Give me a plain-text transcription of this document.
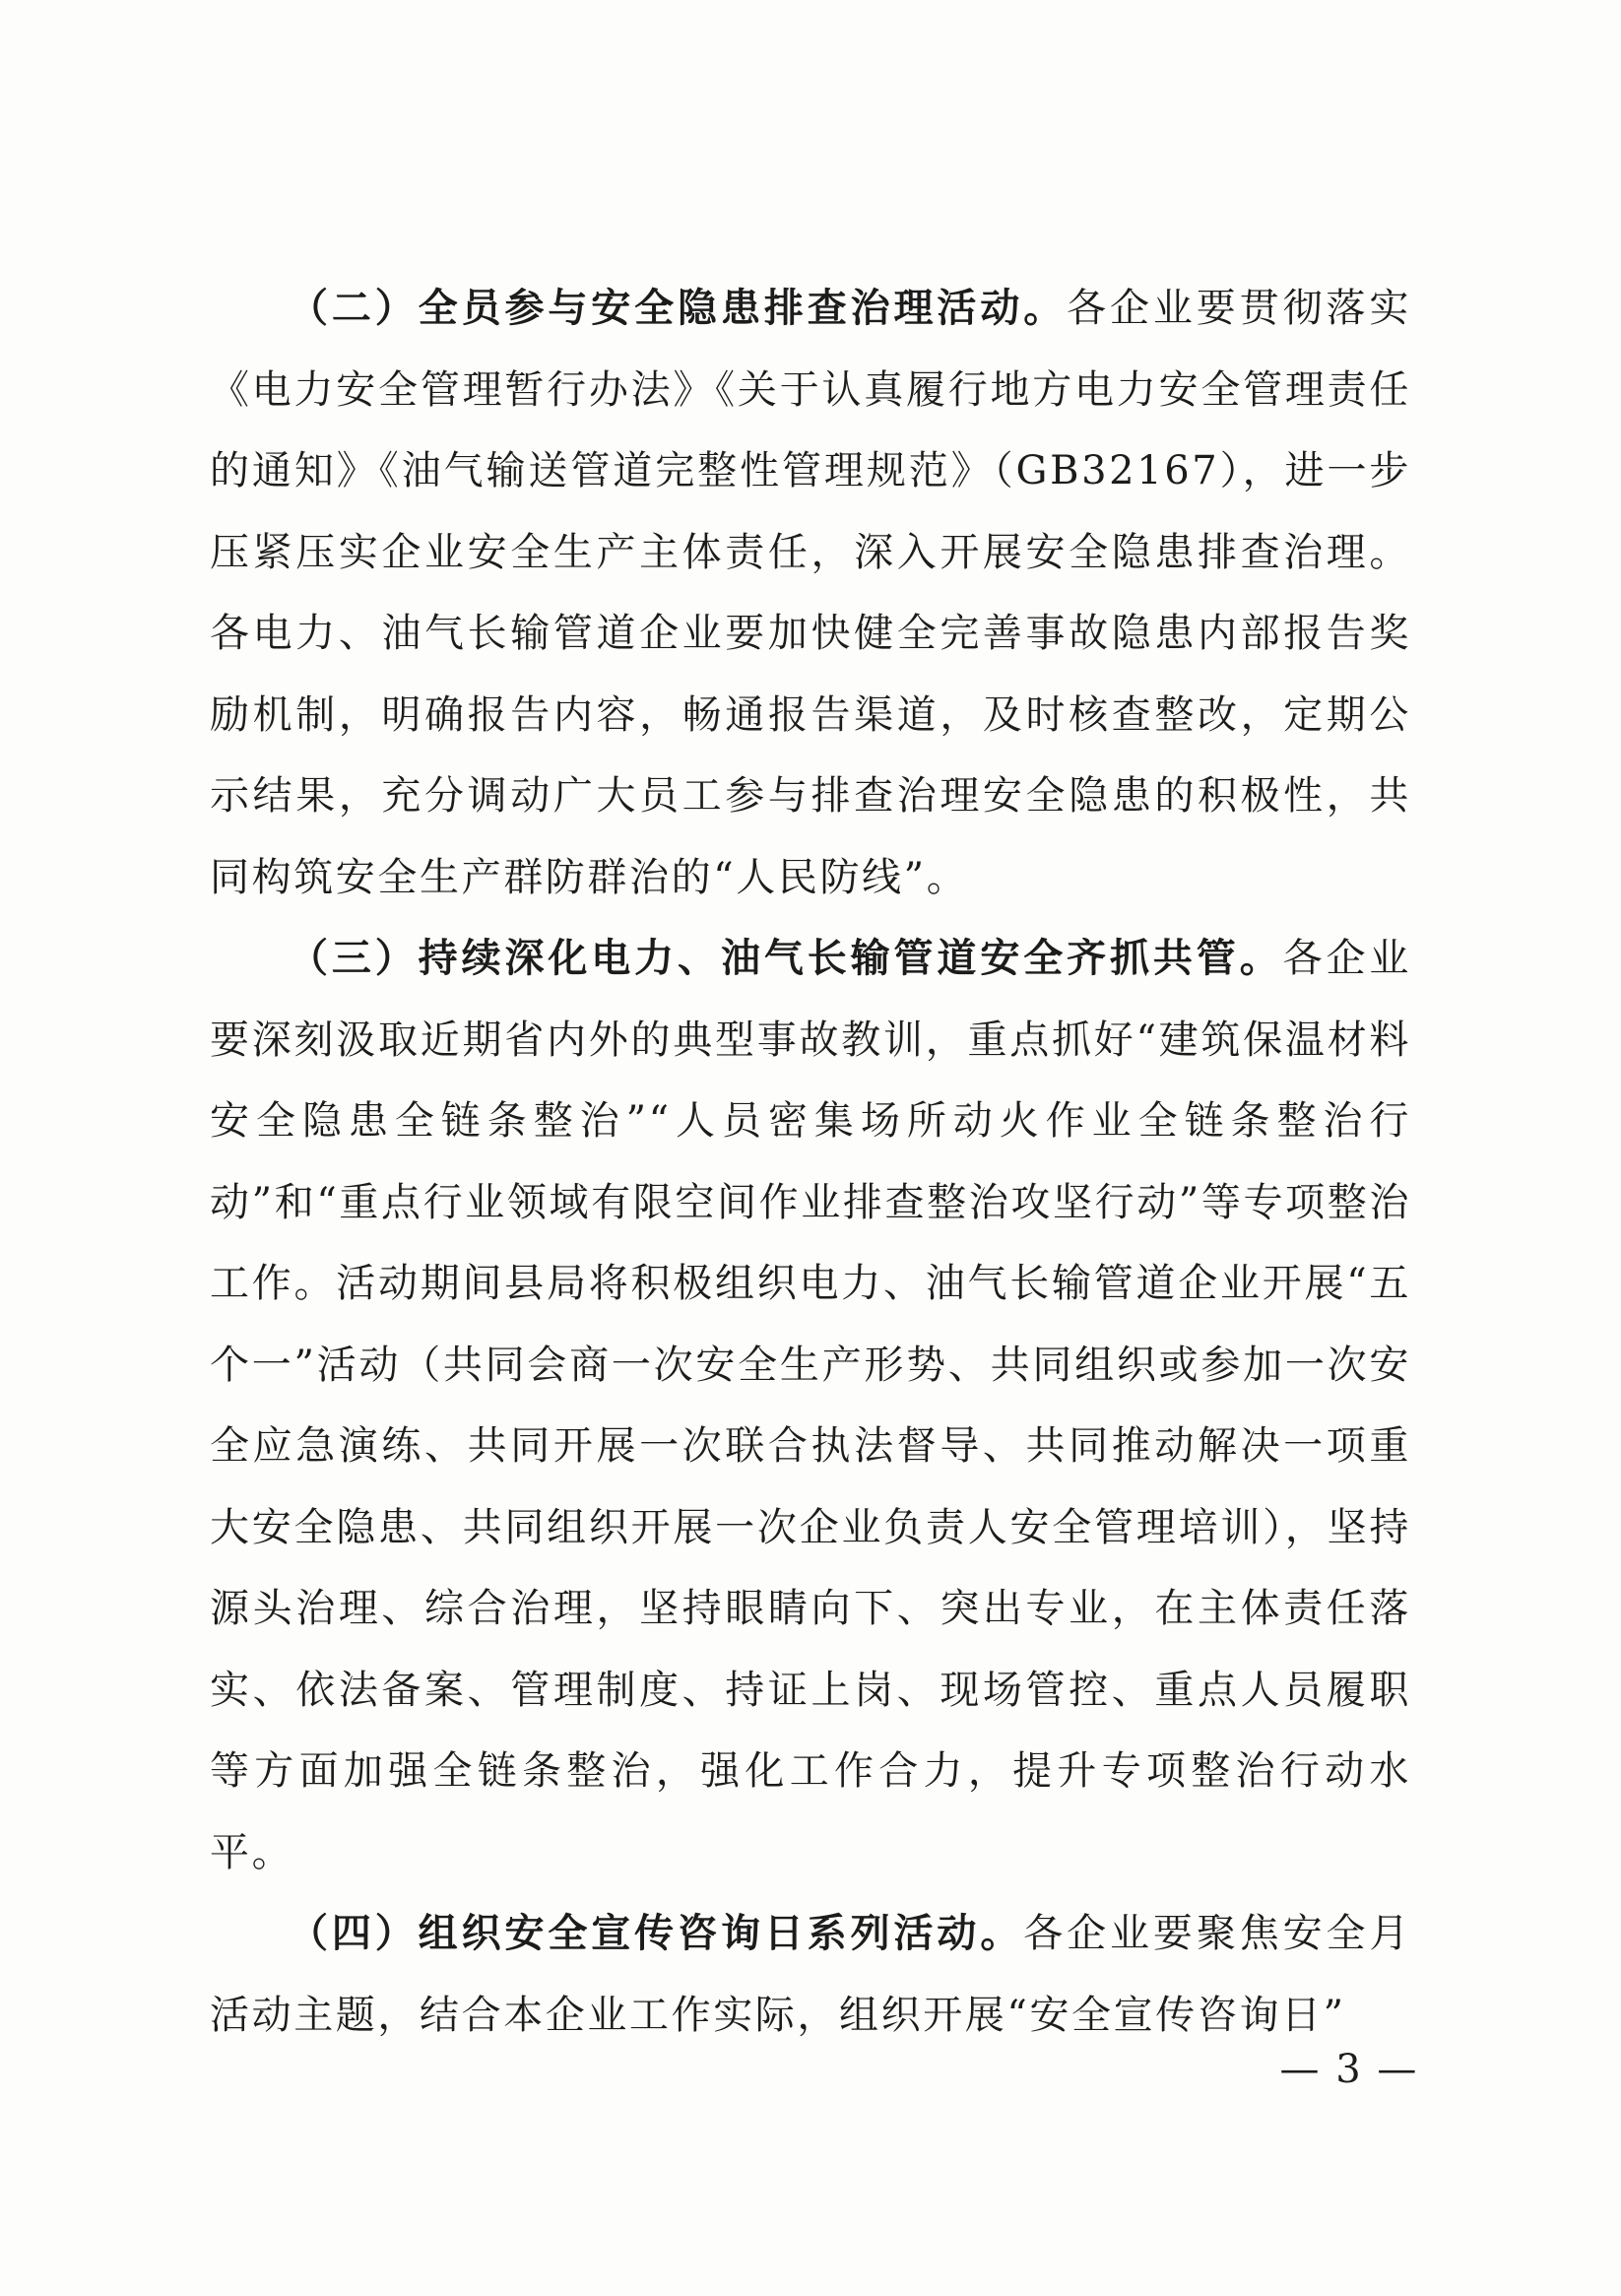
（二）全员参与安全隐患排查治理活动。各企业要贯彻落实《电力安全管理暂行办法》《关于认真履行地方电力安全管理责任的通知》《油气输送管道完整性管理规范》（GB32167），进一步压紧压实企业安全生产主体责任，深入开展安全隐患排查治理。各电力、油气长输管道企业要加快健全完善事故隐患内部报告奖励机制，明确报告内容，畅通报告渠道，及时核查整改，定期公示结果，充分调动广大员工参与排查治理安全隐患的积极性，共同构筑安全生产群防群治的“人民防线”。

（三）持续深化电力、油气长输管道安全齐抓共管。各企业要深刻汲取近期省内外的典型事故教训，重点抓好“建筑保温材料安全隐患全链条整治”“人员密集场所动火作业全链条整治行动”和“重点行业领域有限空间作业排查整治攻坚行动”等专项整治工作。活动期间县局将积极组织电力、油气长输管道企业开展“五个一”活动（共同会商一次安全生产形势、共同组织或参加一次安全应急演练、共同开展一次联合执法督导、共同推动解决一项重大安全隐患、共同组织开展一次企业负责人安全管理培训），坚持源头治理、综合治理，坚持眼睛向下、突出专业，在主体责任落实、依法备案、管理制度、持证上岗、现场管控、重点人员履职等方面加强全链条整治，强化工作合力，提升专项整治行动水平。

（四）组织安全宣传咨询日系列活动。各企业要聚焦安全月活动主题，结合本企业工作实际，组织开展“安全宣传咨询日”

— 3 —
